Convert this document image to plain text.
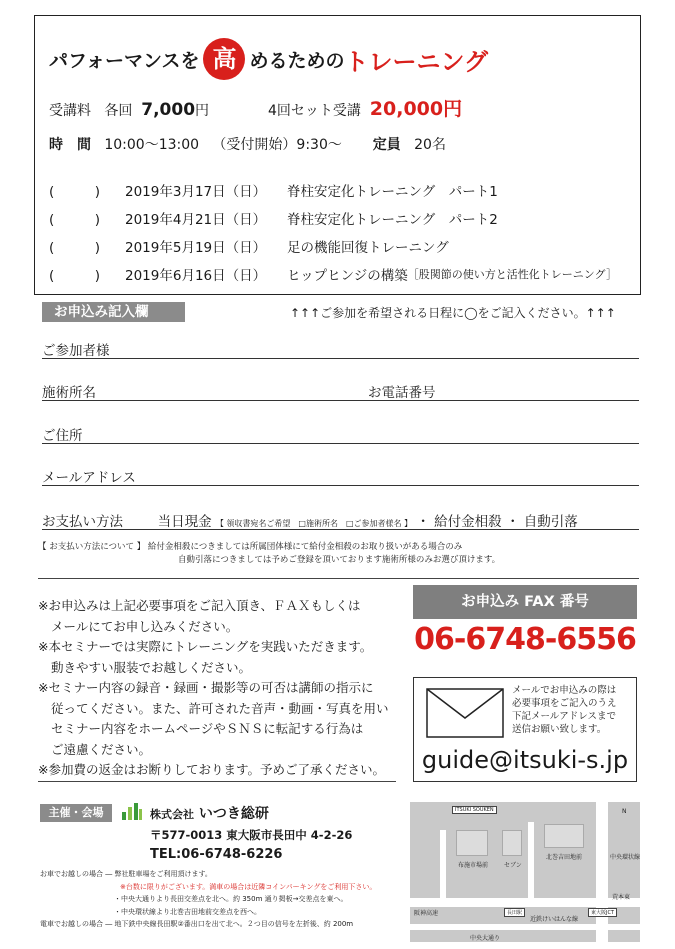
パフォーマンスを 高 めるための トレーニング
受講料 各回 7,000円	4回セット受講 20,000円
時　間 10:00〜13:00 （受付開始）9:30〜 定員 20名
(　　　)	2019年3月17日（日）	脊柱安定化トレーニング　パート1
(　　　)	2019年4月21日（日）	脊柱安定化トレーニング　パート2
(　　　)	2019年5月19日（日）	足の機能回復トレーニング
(　　　)	2019年6月16日（日）	ヒップヒンジの構築 ［股関節の使い方と活性化トレーニング］
お申込み記入欄	↑↑↑ご参加を希望される日程に◯をご記入ください。↑↑↑
ご参加者様
施術所名	お電話番号
ご住所
メールアドレス
お支払い方法	当日現金 【 領収書宛名ご希望　□施術所名　□ご参加者様名 】 ・ 給付金相殺 ・ 自動引落
【 お支払い方法について 】 給付金相殺につきましては所属団体様にて給付金相殺のお取り扱いがある場合のみ
自動引落につきましては予めご登録を頂いております施術所様のみお選び頂けます。
※お申込みは上記必要事項をご記入頂き、ＦＡＸもしくは
メールにてお申し込みください。
※本セミナーでは実際にトレーニングを実践いただきます。
動きやすい服装でお越しください。
※セミナー内容の録音・録画・撮影等の可否は講師の指示に
従ってください。また、許可された音声・動画・写真を用い
セミナー内容をホームページやＳＮＳに転記する行為は
ご遠慮ください。
※参加費の返金はお断りしております。予めご了承ください。
お申込み FAX 番号
06-6748-6556
メールでお申込みの際は
必要事項をご記入のうえ
下記メールアドレスまで
送信お願い致します。
guide@itsuki-s.jp
主催・会場	株式会社 いつき総研
〒577-0013 東大阪市長田中 4-2-26
TEL:06-6748-6226
お車でお越しの場合 ― 弊社駐車場をご利用頂けます。
※台数に限りがございます。満車の場合は近隣コインパーキングをご利用下さい。
・中央大通りより長田交差点を北へ。約 350m 通り掲板→交差点を東へ。
・中央環状線より北巻吉田地前交差点を西へ。
電車でお越しの場合 ― 地下鉄中央線長田駅②番出口を出て北へ。２つ目の信号を左折後、約 200m
ITSUKI SOUKEN	N
中央大通り
近鉄けいはんな線
中央環状線
長田駅	東大阪JCT
阪神高速
布施市場前	セブン
北巻吉田地前
荒本東
